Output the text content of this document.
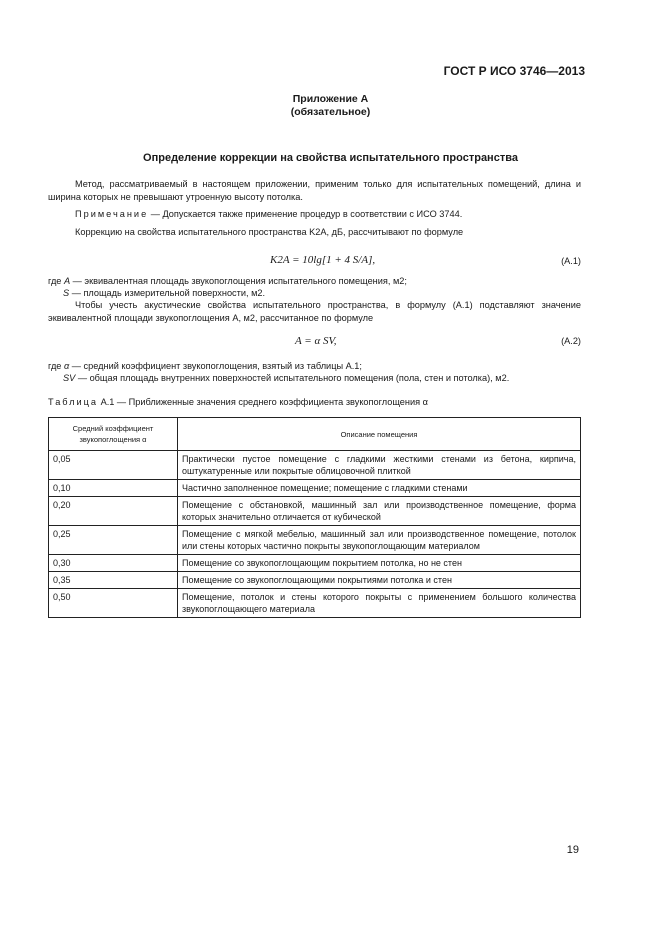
ГОСТ Р ИСО 3746—2013
Приложение А
(обязательное)
Определение коррекции на свойства испытательного пространства
Метод, рассматриваемый в настоящем приложении, применим только для испытательных помещений, длина и ширина которых не превышают утроенную высоту потолка.
Примечание — Допускается также применение процедур в соответствии с ИСО 3744.
Коррекцию на свойства испытательного пространства K2A, дБ, рассчитывают по формуле
K2A = 10lg[1 + 4 S/A],	(А.1)
где A — эквивалентная площадь звукопоглощения испытательного помещения, м2;
S — площадь измерительной поверхности, м2.
Чтобы учесть акустические свойства испытательного пространства, в формулу (А.1) подставляют значение эквивалентной площади звукопоглощения A, м2, рассчитанное по формуле
A = α SV,	(А.2)
где α — средний коэффициент звукопоглощения, взятый из таблицы А.1;
SV — общая площадь внутренних поверхностей испытательного помещения (пола, стен и потолка), м2.
Таблица А.1 — Приближенные значения среднего коэффициента звукопоглощения α
Средний коэффициент звукопоглощения α	Описание помещения
0,05	Практически пустое помещение с гладкими жесткими стенами из бетона, кирпича, оштукатуренные или покрытые облицовочной плиткой
0,10	Частично заполненное помещение; помещение с гладкими стенами
0,20	Помещение с обстановкой, машинный зал или производственное помещение, форма которых значительно отличается от кубической
0,25	Помещение с мягкой мебелью, машинный зал или производственное помещение, потолок или стены которых частично покрыты звукопоглощающим материалом
0,30	Помещение со звукопоглощающим покрытием потолка, но не стен
0,35	Помещение со звукопоглощающими покрытиями потолка и стен
0,50	Помещение, потолок и стены которого покрыты с применением большого количества звукопоглощающего материала
19
